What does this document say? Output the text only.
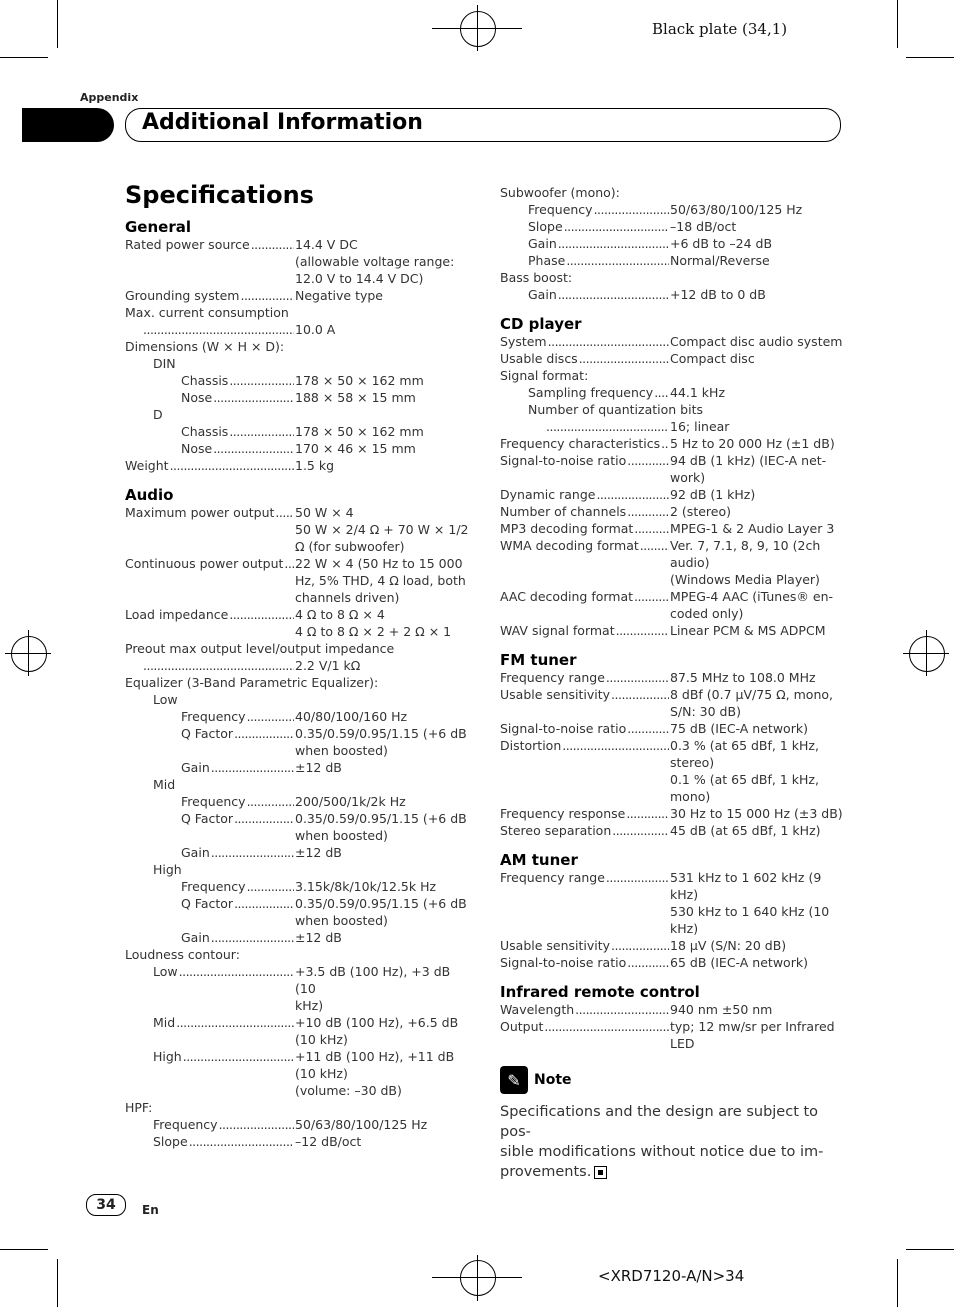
Black plate (34,1)
Appendix
Additional Information
Specifications
General
Rated power source .....	14.4 V DC
(allowable voltage range:
12.0 V to 14.4 V DC)
Grounding system .....	Negative type
Max. current consumption
.....
10.0 A
Dimensions (W × H × D):
DIN
Chassis .....	178 × 50 × 162 mm
Nose .....	188 × 58 × 15 mm
D
Chassis .....	178 × 50 × 162 mm
Nose .....	170 × 46 × 15 mm
Weight .....	1.5 kg
Audio
Maximum power output ..... 50 W × 4
50 W × 2/4 Ω + 70 W × 1/2
Ω (for subwoofer)
Continuous power output ..... 22 W × 4 (50 Hz to 15 000
Hz, 5% THD, 4 Ω load, both
channels driven)
Load impedance .....	4 Ω to 8 Ω × 4
4 Ω to 8 Ω × 2 + 2 Ω × 1
Preout max output level/output impedance
.....
2.2 V/1 kΩ
Equalizer (3-Band Parametric Equalizer):
Low
Frequency .....	40/80/100/160 Hz
Q Factor .....	0.35/0.59/0.95/1.15 (+6 dB
when boosted)
Gain .....	±12 dB
Mid
Frequency .....	200/500/1k/2k Hz
Q Factor .....	0.35/0.59/0.95/1.15 (+6 dB
when boosted)
Gain .....	±12 dB
High
Frequency .....	3.15k/8k/10k/12.5k Hz
Q Factor .....	0.35/0.59/0.95/1.15 (+6 dB
when boosted)
Gain .....	±12 dB
Loudness contour:
Low .....	+3.5 dB (100 Hz), +3 dB (10
kHz)
Mid .....	+10 dB (100 Hz), +6.5 dB
(10 kHz)
High .....	+11 dB (100 Hz), +11 dB
(10 kHz)
(volume: –30 dB)
HPF:
Frequency .....	50/63/80/100/125 Hz
Slope .....	–12 dB/oct
Subwoofer (mono):
Frequency .....	50/63/80/100/125 Hz
Slope .....	–18 dB/oct
Gain .....	+6 dB to –24 dB
Phase .....	Normal/Reverse
Bass boost:
Gain .....	+12 dB to 0 dB
CD player
System .....	Compact disc audio system
Usable discs .....	Compact disc
Signal format:
Sampling frequency ..... 44.1 kHz
Number of quantization bits
.....
16; linear
Frequency characteristics ..... 5 Hz to 20 000 Hz (±1 dB)
Signal-to-noise ratio .....	94 dB (1 kHz) (IEC-A net-
work)
Dynamic range .....	92 dB (1 kHz)
Number of channels .....	2 (stereo)
MP3 decoding format .....	MPEG-1 & 2 Audio Layer 3
WMA decoding format ..... Ver. 7, 7.1, 8, 9, 10 (2ch
audio)
(Windows Media Player)
AAC decoding format .....	MPEG-4 AAC (iTunes® en-
coded only)
WAV signal format .....	Linear PCM & MS ADPCM
FM tuner
Frequency range .....	87.5 MHz to 108.0 MHz
Usable sensitivity .....	8 dBf (0.7 µV/75 Ω, mono,
S/N: 30 dB)
Signal-to-noise ratio .....	75 dB (IEC-A network)
Distortion .....	0.3 % (at 65 dBf, 1 kHz,
stereo)
0.1 % (at 65 dBf, 1 kHz,
mono)
Frequency response .....	30 Hz to 15 000 Hz (±3 dB)
Stereo separation .....	45 dB (at 65 dBf, 1 kHz)
AM tuner
Frequency range .....	531 kHz to 1 602 kHz (9 kHz)
530 kHz to 1 640 kHz (10
kHz)
Usable sensitivity .....	18 µV (S/N: 20 dB)
Signal-to-noise ratio .....	65 dB (IEC-A network)
Infrared remote control
Wavelength .....	940 nm ±50 nm
Output .....	typ; 12 mw/sr per Infrared
LED
✎ Note
Specifications and the design are subject to pos-
sible modifications without notice due to im-
provements.
34	En
<XRD7120-A/N>34
